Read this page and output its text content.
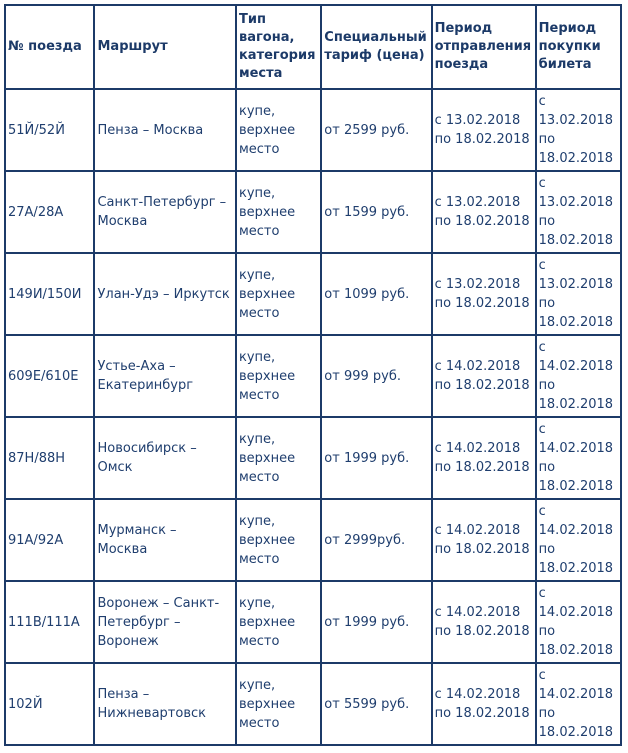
№ поезда	Маршрут	Тип
вагона,
категория
места	Специальный
тариф (цена)	Период
отправления
поезда	Период
покупки
билета

51Й/52Й	Пенза – Москва	купе,
верхнее
место	от 2599 руб.	с 13.02.2018
по 18.02.2018	с
13.02.2018
по
18.02.2018

27А/28А	Санкт-Петербург –
Москва	купе,
верхнее
место	от 1599 руб.	с 13.02.2018
по 18.02.2018	с
13.02.2018
по
18.02.2018

149И/150И	Улан-Удэ – Иркутск	купе,
верхнее
место	от 1099 руб.	с 13.02.2018
по 18.02.2018	с
13.02.2018
по
18.02.2018

609Е/610Е	Устье-Аха –
Екатеринбург	купе,
верхнее
место	от 999 руб.	с 14.02.2018
по 18.02.2018	с
14.02.2018
по
18.02.2018

87Н/88Н	Новосибирск –
Омск	купе,
верхнее
место	от 1999 руб.	с 14.02.2018
по 18.02.2018	с
14.02.2018
по
18.02.2018

91А/92А	Мурманск –
Москва	купе,
верхнее
место	от 2999руб.	с 14.02.2018
по 18.02.2018	с
14.02.2018
по
18.02.2018

111В/111А	Воронеж – Санкт-
Петербург –
Воронеж	купе,
верхнее
место	от 1999 руб.	с 14.02.2018
по 18.02.2018	с
14.02.2018
по
18.02.2018

102Й	Пенза –
Нижневартовск	купе,
верхнее
место	от 5599 руб.	с 14.02.2018
по 18.02.2018	с
14.02.2018
по
18.02.2018
